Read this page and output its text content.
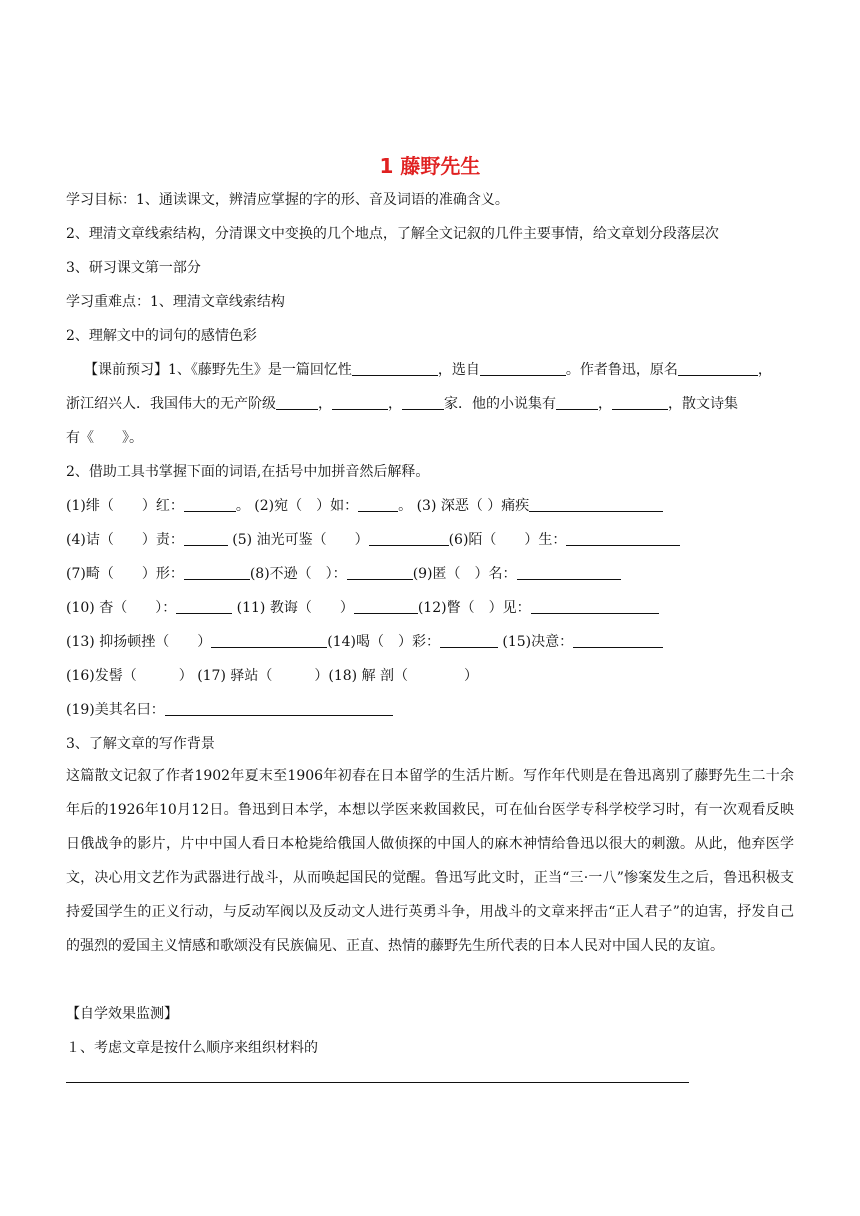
1 藤野先生
学习目标：1、通读课文，辨清应掌握的字的形、音及词语的准确含义。
2、理清文章线索结构，分清课文中变换的几个地点，了解全文记叙的几件主要事情，给文章划分段落层次
3、研习课文第一部分
学习重难点：1、理清文章线索结构
2、理解文中的词句的感情色彩
【课前预习】1、《藤野先生》是一篇回忆性	，选自	。作者鲁迅，原名	，
浙江绍兴人．我国伟大的无产阶级	，	，	家．他的小说集有	，	，散文诗集
有《　　》。
2、借助工具书掌握下面的词语,在括号中加拼音然后解释。
(1)绯（　　）红：	。 (2)宛（　）如：	。 (3) 深恶（ ）痛疾
(4)诘（　　）责：	(5) 油光可鉴（　　）	(6)陌（　　）生：
(7)畸（　　）形：	(8)不逊（　）：	(9)匿（　）名：
(10) 杳（　　）：	(11) 教诲（　　）	(12)瞥（　）见：
(13) 抑扬顿挫（　　）	(14)喝（　）彩：	(15)决意：
(16)发髻（　　　） (17) 驿站（　　　）(18) 解 剖（　　　　）
(19)美其名曰：
3、了解文章的写作背景
这篇散文记叙了作者1902年夏末至1906年初春在日本留学的生活片断。写作年代则是在鲁迅离别了藤野先生二十余年后的1926年10月12日。鲁迅到日本学，本想以学医来救国救民，可在仙台医学专科学校学习时，有一次观看反映日俄战争的影片，片中中国人看日本枪毙给俄国人做侦探的中国人的麻木神情给鲁迅以很大的刺激。从此，他弃医学文，决心用文艺作为武器进行战斗，从而唤起国民的觉醒。鲁迅写此文时，正当“三·一八”惨案发生之后，鲁迅积极支持爱国学生的正义行动，与反动军阀以及反动文人进行英勇斗争，用战斗的文章来抨击“正人君子”的迫害，抒发自己的强烈的爱国主义情感和歌颂没有民族偏见、正直、热情的藤野先生所代表的日本人民对中国人民的友谊。
【自学效果监测】
１、考虑文章是按什么顺序来组织材料的
